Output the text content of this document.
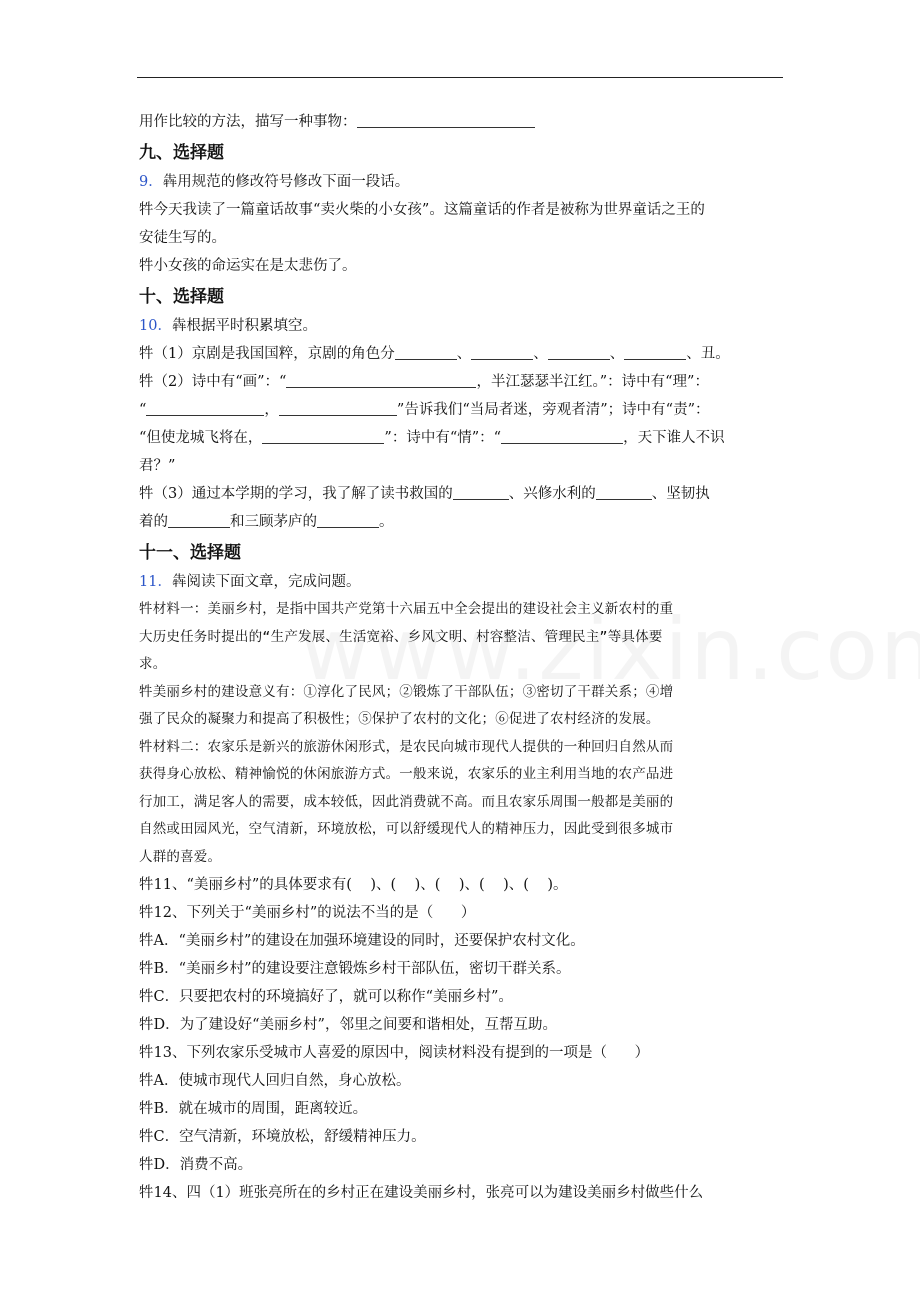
用作比较的方法，描写一种事物：
九、选择题
9．犇用规范的修改符号修改下面一段话。
牪今天我读了一篇童话故事“卖火柴的小女孩”。这篇童话的作者是被称为世界童话之王的
安徒生写的。
牪小女孩的命运实在是太悲伤了。
十、选择题
10．犇根据平时积累填空。
牪（1）京剧是我国国粹，京剧的角色分	、	、	、	、丑。
牪（2）诗中有“画”：“	，半江瑟瑟半江红。”：诗中有“理”：
“	，	”告诉我们“当局者迷，旁观者清”；诗中有“责”：
“但使龙城飞将在，	”：诗中有“情”：“	，天下谁人不识
君？”
牪（3）通过本学期的学习，我了解了读书救国的	、兴修水利的	、坚韧执
着的	和三顾茅庐的	。
十一、选择题
11．犇阅读下面文章，完成问题。
牪材料一：美丽乡村，是指中国共产党第十六届五中全会提出的建设社会主义新农村的重
大历史任务时提出的“生产发展、生活宽裕、乡风文明、村容整洁、管理民主”等具体要
求。
牪美丽乡村的建设意义有：①淳化了民风；②锻炼了干部队伍；③密切了干群关系；④增
强了民众的凝聚力和提高了积极性；⑤保护了农村的文化；⑥促进了农村经济的发展。
牪材料二：农家乐是新兴的旅游休闲形式，是农民向城市现代人提供的一种回归自然从而
获得身心放松、精神愉悦的休闲旅游方式。一般来说，农家乐的业主利用当地的农产品进
行加工，满足客人的需要，成本较低，因此消费就不高。而且农家乐周围一般都是美丽的
自然或田园风光，空气清新，环境放松，可以舒缓现代人的精神压力，因此受到很多城市
人群的喜爱。
牪11、“美丽乡村”的具体要求有(    )、(    )、(    )、(    )、(    )。
牪12、下列关于“美丽乡村”的说法不当的是（      ）
牪A．“美丽乡村”的建设在加强环境建设的同时，还要保护农村文化。
牪B．“美丽乡村”的建设要注意锻炼乡村干部队伍，密切干群关系。
牪C．只要把农村的环境搞好了，就可以称作“美丽乡村”。
牪D．为了建设好“美丽乡村”，邻里之间要和谐相处，互帮互助。
牪13、下列农家乐受城市人喜爱的原因中，阅读材料没有提到的一项是（      ）
牪A．使城市现代人回归自然，身心放松。
牪B．就在城市的周围，距离较近。
牪C．空气清新，环境放松，舒缓精神压力。
牪D．消费不高。
牪14、四（1）班张亮所在的乡村正在建设美丽乡村，张亮可以为建设美丽乡村做些什么
